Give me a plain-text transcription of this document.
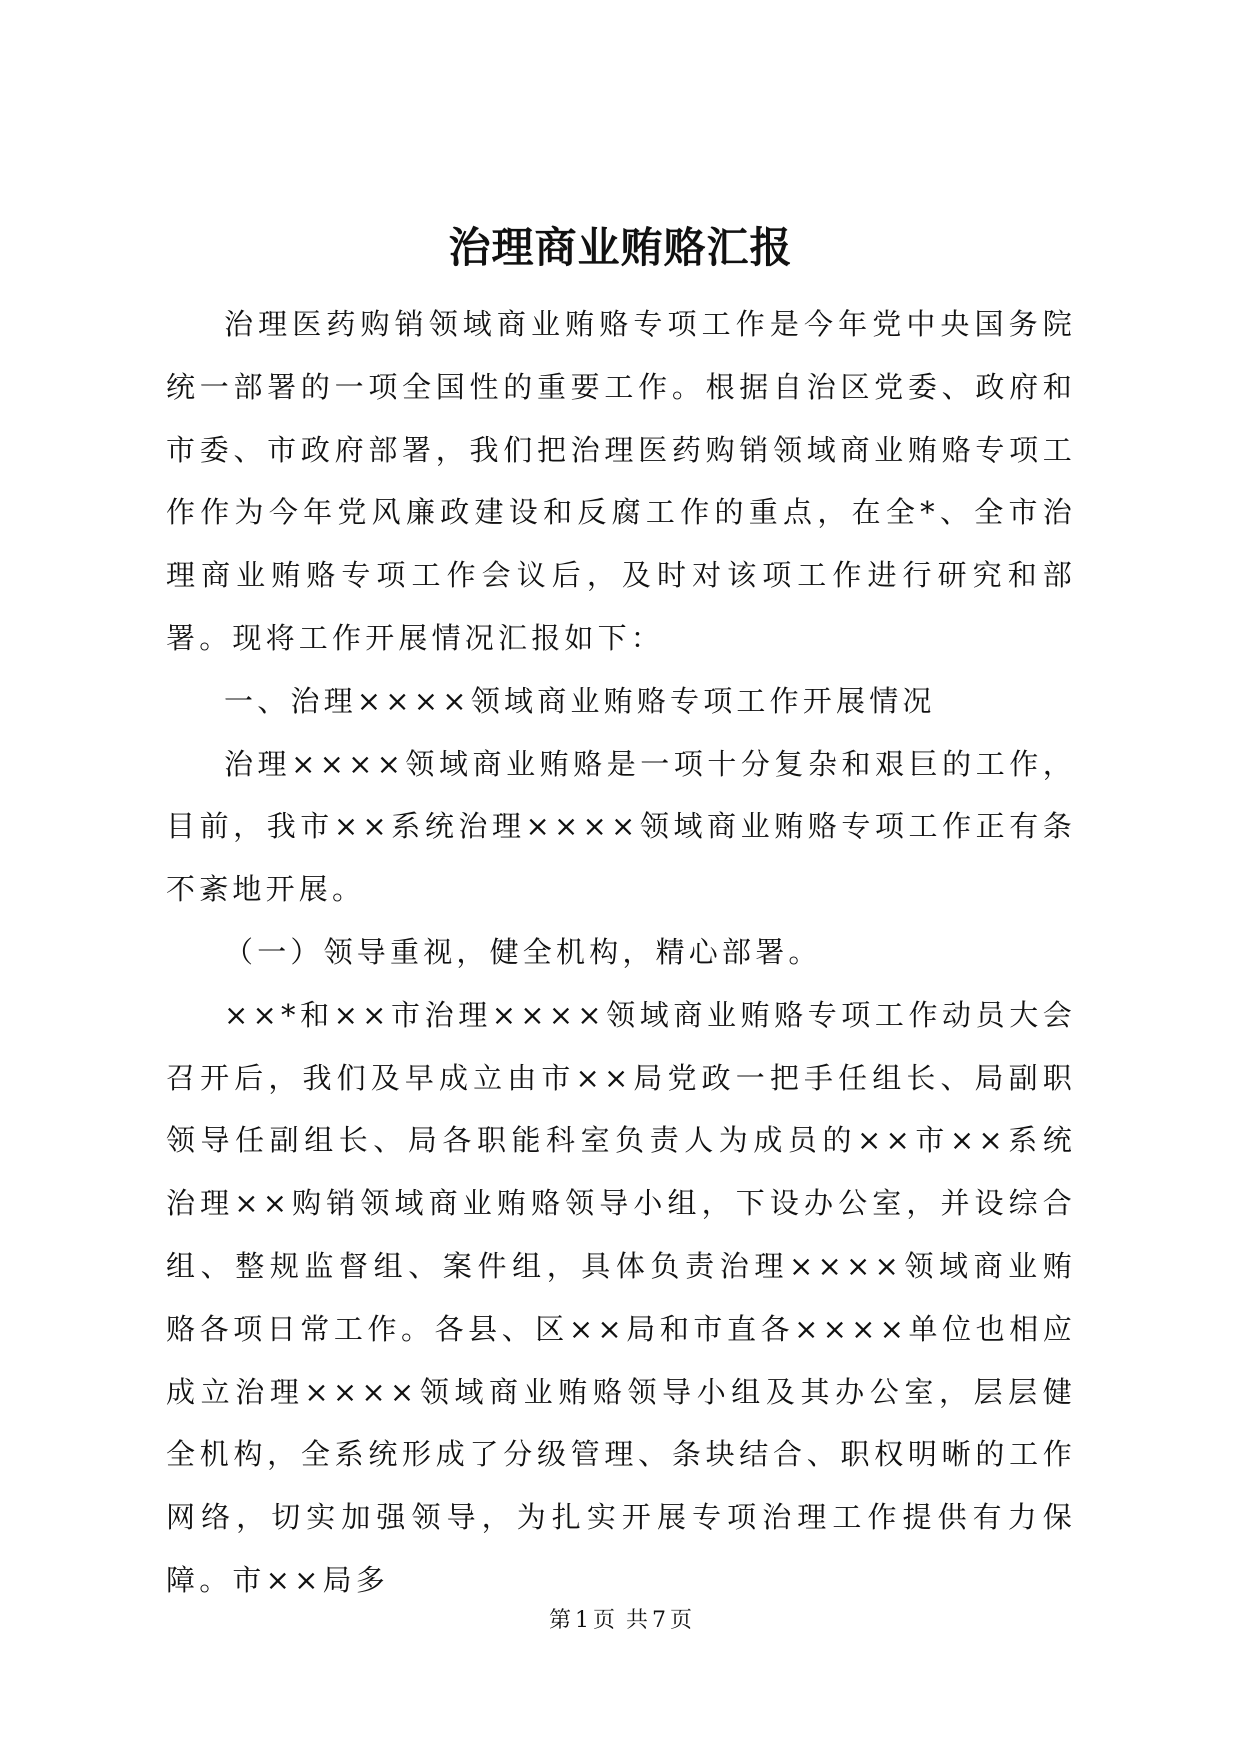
治理商业贿赂汇报

治理医药购销领域商业贿赂专项工作是今年党中央国务院统一部署的一项全国性的重要工作。根据自治区党委、政府和市委、市政府部署，我们把治理医药购销领域商业贿赂专项工作作为今年党风廉政建设和反腐工作的重点，在全*、全市治理商业贿赂专项工作会议后，及时对该项工作进行研究和部署。现将工作开展情况汇报如下：

一、治理××××领域商业贿赂专项工作开展情况

治理××××领域商业贿赂是一项十分复杂和艰巨的工作，目前，我市××系统治理××××领域商业贿赂专项工作正有条不紊地开展。

（一）领导重视，健全机构，精心部署。

××*和××市治理××××领域商业贿赂专项工作动员大会召开后，我们及早成立由市××局党政一把手任组长、局副职领导任副组长、局各职能科室负责人为成员的××市××系统治理××购销领域商业贿赂领导小组，下设办公室，并设综合组、整规监督组、案件组，具体负责治理××××领域商业贿赂各项日常工作。各县、区××局和市直各××××单位也相应成立治理××××领域商业贿赂领导小组及其办公室，层层健全机构，全系统形成了分级管理、条块结合、职权明晰的工作网络，切实加强领导，为扎实开展专项治理工作提供有力保障。市××局多

第 1 页 共 7 页
